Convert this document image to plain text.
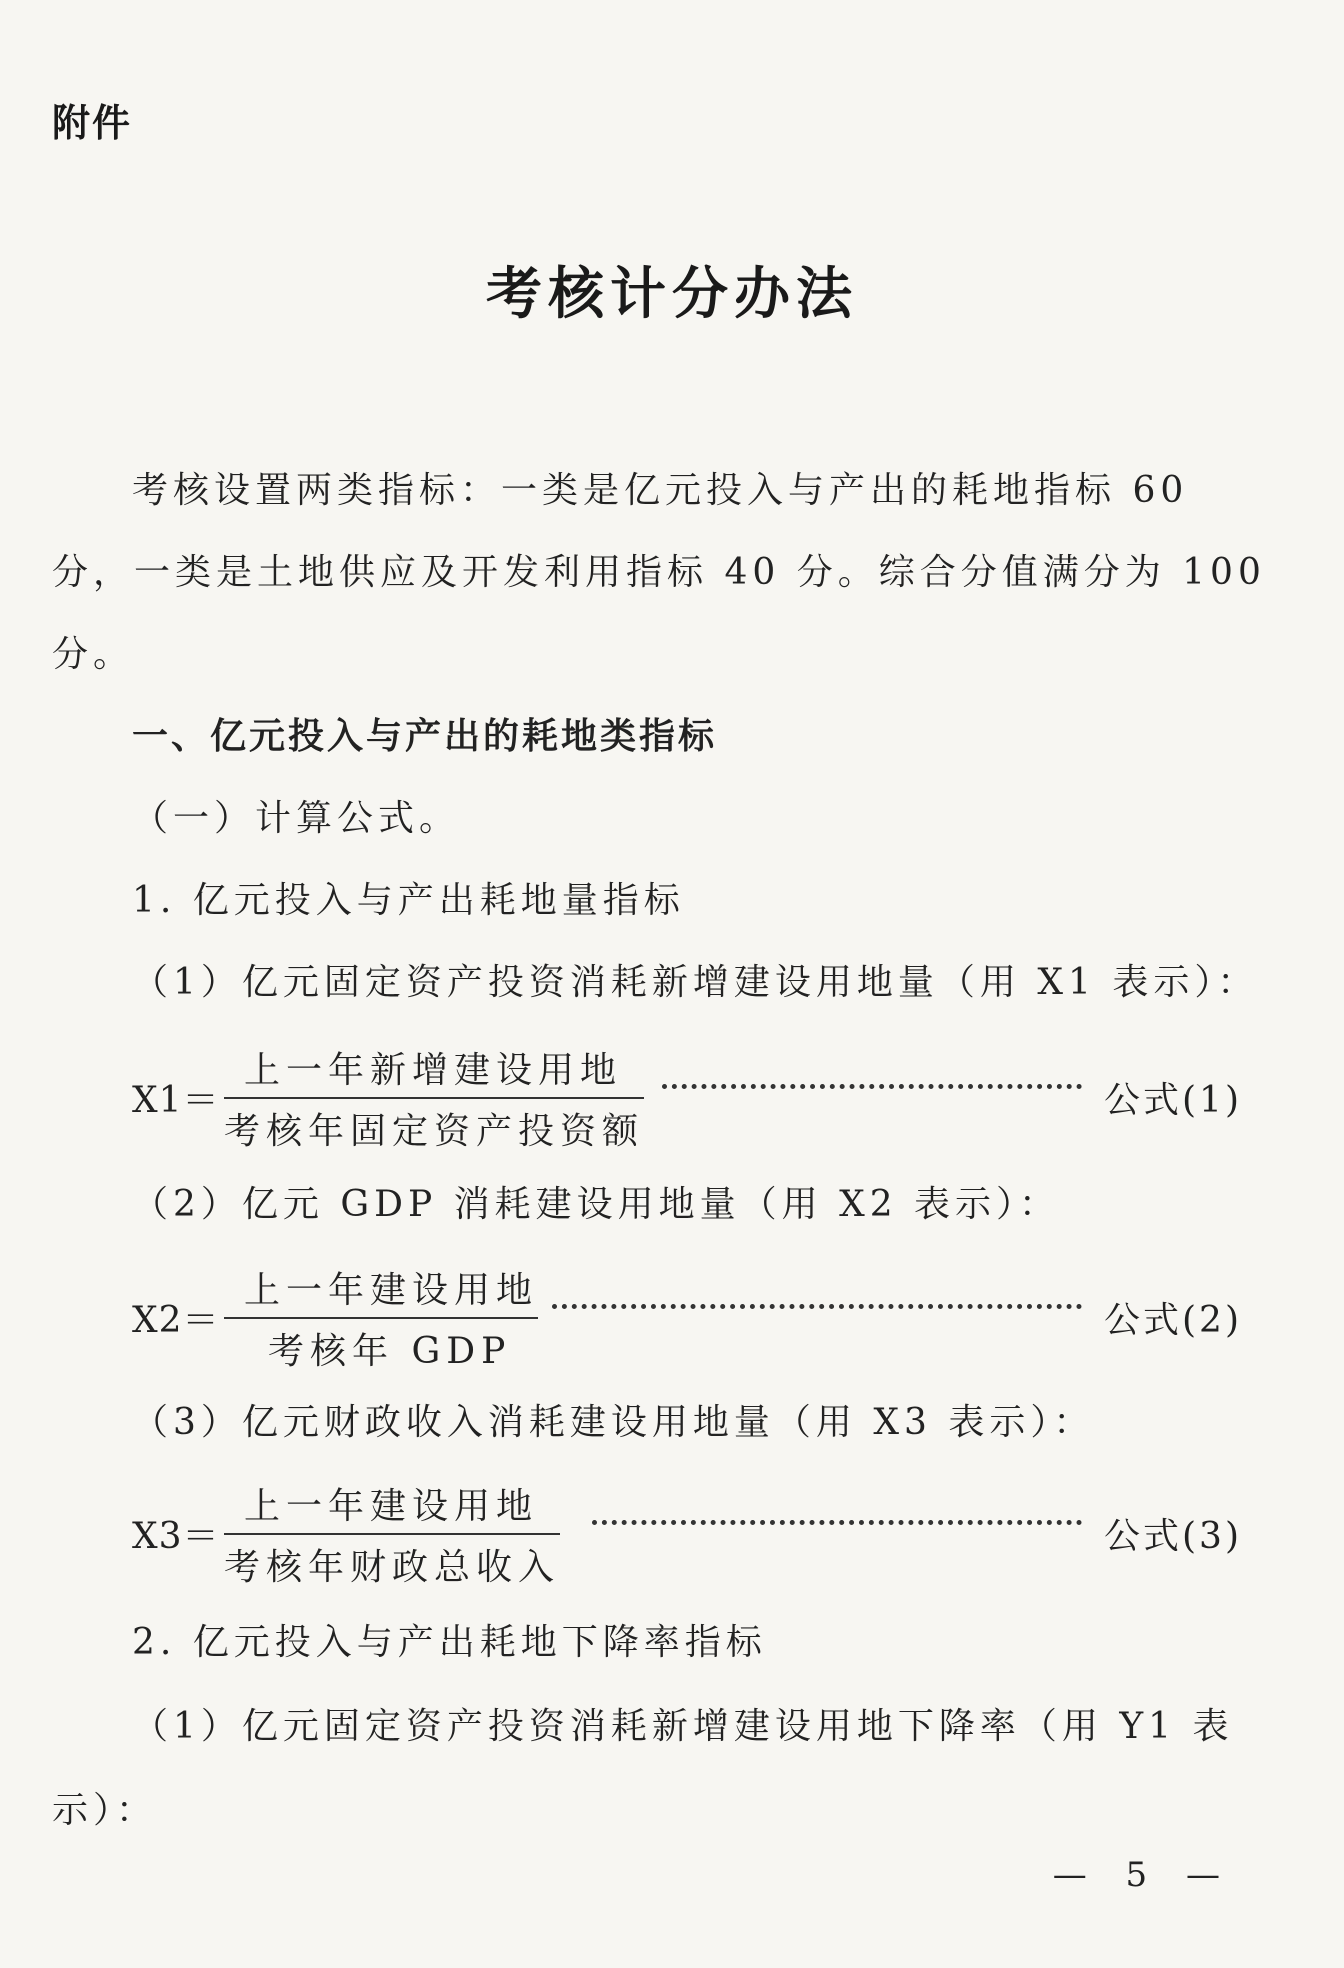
附件
考核计分办法
考核设置两类指标：一类是亿元投入与产出的耗地指标 60
分，一类是土地供应及开发利用指标 40 分。综合分值满分为 100
分。
一、亿元投入与产出的耗地类指标
（一）计算公式。
1. 亿元投入与产出耗地量指标
（1）亿元固定资产投资消耗新增建设用地量（用 X1 表示）：
X1＝
上一年新增建设用地
考核年固定资产投资额
公式(1)
（2）亿元 GDP 消耗建设用地量（用 X2 表示）：
X2＝
上一年建设用地
考核年 GDP
公式(2)
（3）亿元财政收入消耗建设用地量（用 X3 表示）：
X3＝
上一年建设用地
考核年财政总收入
公式(3)
2. 亿元投入与产出耗地下降率指标
（1）亿元固定资产投资消耗新增建设用地下降率（用 Y1 表
示）：
— 5 —
